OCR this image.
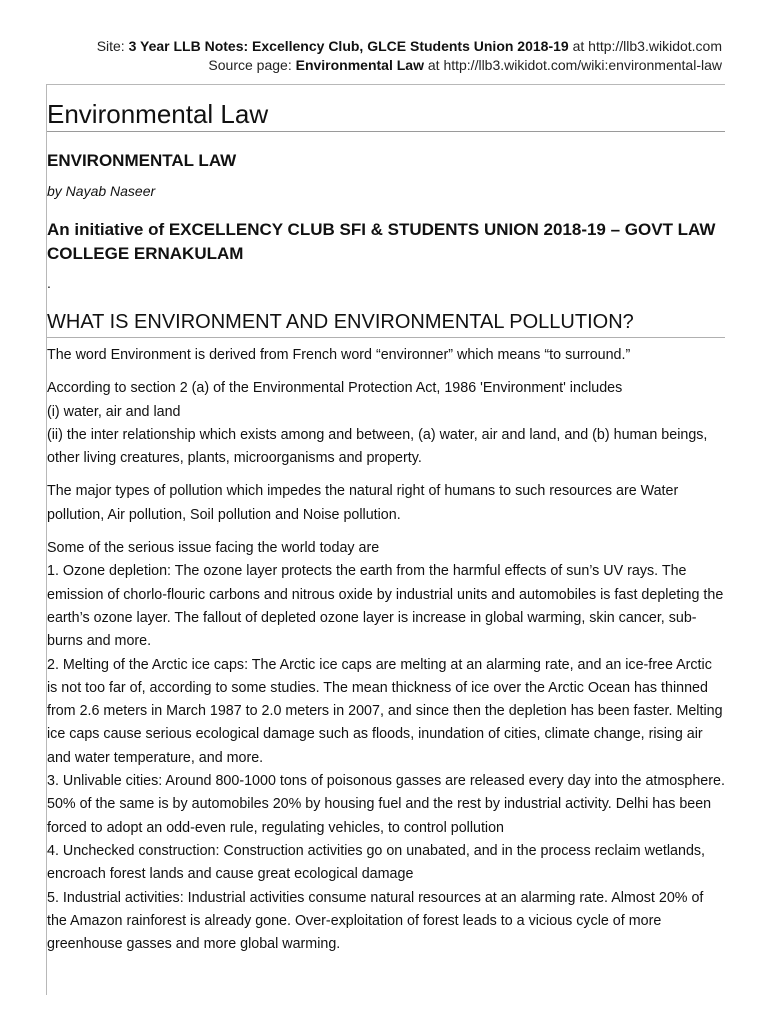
Site: 3 Year LLB Notes: Excellency Club, GLCE Students Union 2018-19 at http://llb3.wikidot.com
Source page: Environmental Law at http://llb3.wikidot.com/wiki:environmental-law
Environmental Law
ENVIRONMENTAL LAW

by Nayab Naseer

An initiative of EXCELLENCY CLUB SFI & STUDENTS UNION 2018-19 – GOVT LAW COLLEGE ERNAKULAM

.

WHAT IS ENVIRONMENT AND ENVIRONMENTAL POLLUTION?

The word Environment is derived from French word “environner” which means “to surround.”

According to section 2 (a) of the Environmental Protection Act, 1986 'Environment' includes
(i) water, air and land
(ii) the inter relationship which exists among and between, (a) water, air and land, and (b) human beings, other living creatures, plants, microorganisms and property.

The major types of pollution which impedes the natural right of humans to such resources are Water pollution, Air pollution, Soil pollution and Noise pollution.

Some of the serious issue facing the world today are
1. Ozone depletion: The ozone layer protects the earth from the harmful effects of sun’s UV rays. The emission of chorlo-flouric carbons and nitrous oxide by industrial units and automobiles is fast depleting the earth’s ozone layer. The fallout of depleted ozone layer is increase in global warming, skin cancer, sub-burns and more.
2. Melting of the Arctic ice caps: The Arctic ice caps are melting at an alarming rate, and an ice-free Arctic is not too far of, according to some studies. The mean thickness of ice over the Arctic Ocean has thinned from 2.6 meters in March 1987 to 2.0 meters in 2007, and since then the depletion has been faster. Melting ice caps cause serious ecological damage such as floods, inundation of cities, climate change, rising air and water temperature, and more.
3. Unlivable cities: Around 800-1000 tons of poisonous gasses are released every day into the atmosphere. 50% of the same is by automobiles 20% by housing fuel and the rest by industrial activity. Delhi has been forced to adopt an odd-even rule, regulating vehicles, to control pollution
4. Unchecked construction: Construction activities go on unabated, and in the process reclaim wetlands, encroach forest lands and cause great ecological damage
5. Industrial activities: Industrial activities consume natural resources at an alarming rate. Almost 20% of the Amazon rainforest is already gone. Over-exploitation of forest leads to a vicious cycle of more greenhouse gasses and more global warming.
